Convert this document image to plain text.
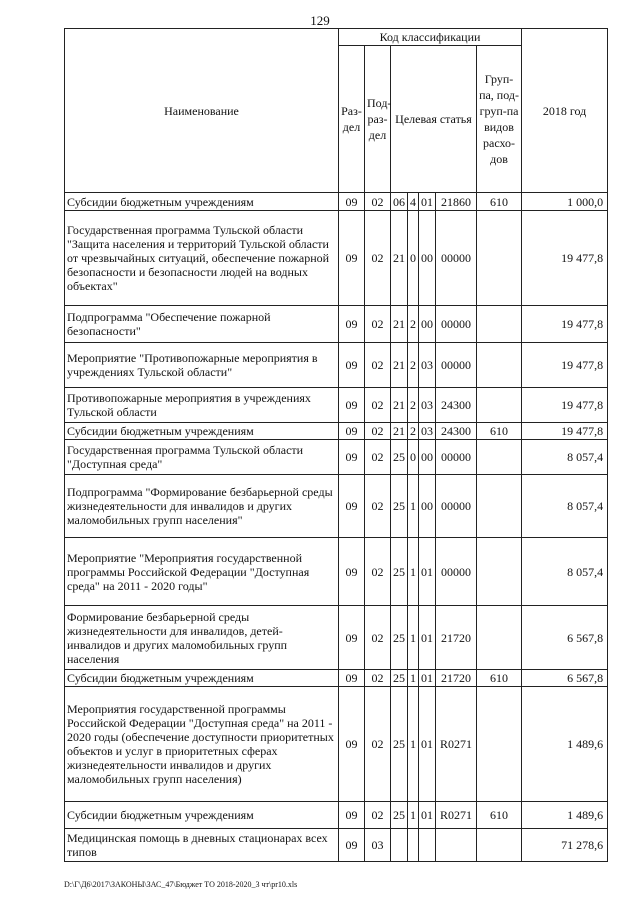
129
Наименование	Код классификации							2018 год
	Раз-дел	Под-раз-дел	Целевая статья				Груп-па, под-груп-па видов расхо-дов	
Субсидии бюджетным учреждениям	09	02	06	4	01	21860	610	1 000,0
Государственная программа Тульской области "Защита населения и территорий Тульской области от чрезвычайных ситуаций, обеспечение пожарной безопасности и безопасности людей на водных объектах"	09	02	21	0	00	00000		19 477,8
Подпрограмма "Обеспечение пожарной безопасности"	09	02	21	2	00	00000		19 477,8
Мероприятие "Противопожарные мероприятия в учреждениях Тульской области"	09	02	21	2	03	00000		19 477,8
Противопожарные мероприятия в учреждениях Тульской области	09	02	21	2	03	24300		19 477,8
Субсидии бюджетным учреждениям	09	02	21	2	03	24300	610	19 477,8
Государственная программа Тульской области "Доступная среда"	09	02	25	0	00	00000		8 057,4
Подпрограмма "Формирование безбарьерной среды жизнедеятельности для инвалидов и других маломобильных групп населения"	09	02	25	1	00	00000		8 057,4
Мероприятие "Мероприятия государственной программы Российской Федерации "Доступная среда" на 2011 - 2020 годы"	09	02	25	1	01	00000		8 057,4
Формирование безбарьерной среды жизнедеятельности для инвалидов, детей-инвалидов и других маломобильных групп населения	09	02	25	1	01	21720		6 567,8
Субсидии бюджетным учреждениям	09	02	25	1	01	21720	610	6 567,8
Мероприятия государственной программы Российской Федерации "Доступная среда" на 2011 - 2020 годы (обеспечение доступности приоритетных объектов и услуг в приоритетных сферах жизнедеятельности инвалидов и других маломобильных групп населения)	09	02	25	1	01	R0271		1 489,6
Субсидии бюджетным учреждениям	09	02	25	1	01	R0271	610	1 489,6
Медицинская помощь в дневных стационарах всех типов	09	03						71 278,6
D:\Г\Д6\2017\ЗАКОНЫ\ЗАС_47\Бюджет ТО 2018-2020_3 чт\pr10.xls
